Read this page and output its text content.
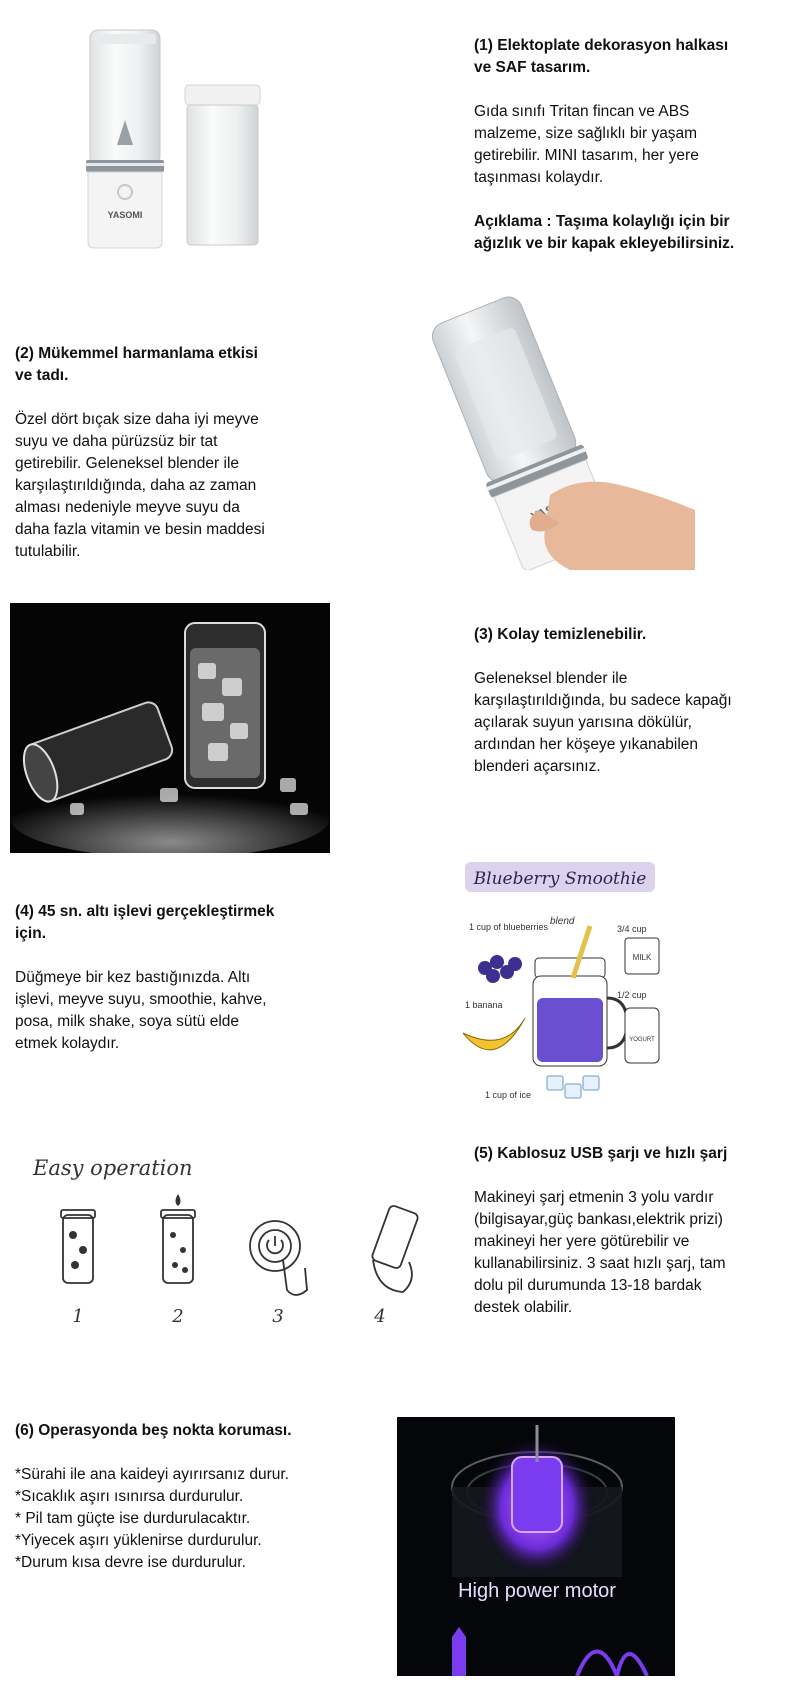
(1) Elektoplate dekorasyon halkası
ve SAF tasarım.

Gıda sınıfı Tritan fincan ve ABS
malzeme, size sağlıklı bir yaşam
getirebilir. MINI tasarım, her yere
taşınması kolaydır.

Açıklama : Taşıma kolaylığı için bir
ağızlık ve bir kapak ekleyebilirsiniz.

YASOMI

(2) Mükemmel harmanlama etkisi
ve tadı.

Özel dört bıçak size daha iyi meyve
suyu ve daha pürüzsüz bir tat
getirebilir. Geleneksel blender ile
karşılaştırıldığında, daha az zaman
alması nedeniyle meyve suyu da
daha fazla vitamin ve besin maddesi
tutulabilir.

(3) Kolay temizlenebilir.

Geleneksel blender ile
karşılaştırıldığında, bu sadece kapağı
açılarak suyun yarısına dökülür,
ardından her köşeye yıkanabilen
blenderi açarsınız.

(4) 45 sn. altı işlevi gerçekleştirmek
için.

Düğmeye bir kez bastığınızda. Altı
işlevi, meyve suyu, smoothie, kahve,
posa, milk shake, soya sütü elde
etmek kolaydır.

Blueberry Smoothie
1 cup of blueberries blend
3/4 cup
MILK
1 banana
1/2 cup
YOGURT
1 cup of ice
Easy operation
1	2	3	4

(5) Kablosuz USB şarjı ve hızlı şarj

Makineyi şarj etmenin 3 yolu vardır
(bilgisayar,güç bankası,elektrik prizi)
makineyi her yere götürebilir ve
kullanabilirsiniz. 3 saat hızlı şarj, tam
dolu pil durumunda 13-18 bardak
destek olabilir.

(6) Operasyonda beş nokta koruması.

*Sürahi ile ana kaideyi ayırırsanız durur.
*Sıcaklık aşırı ısınırsa durdurulur.
* Pil tam güçte ise durdurulacaktır.
*Yiyecek aşırı yüklenirse durdurulur.
*Durum kısa devre ise durdurulur.

High power motor
